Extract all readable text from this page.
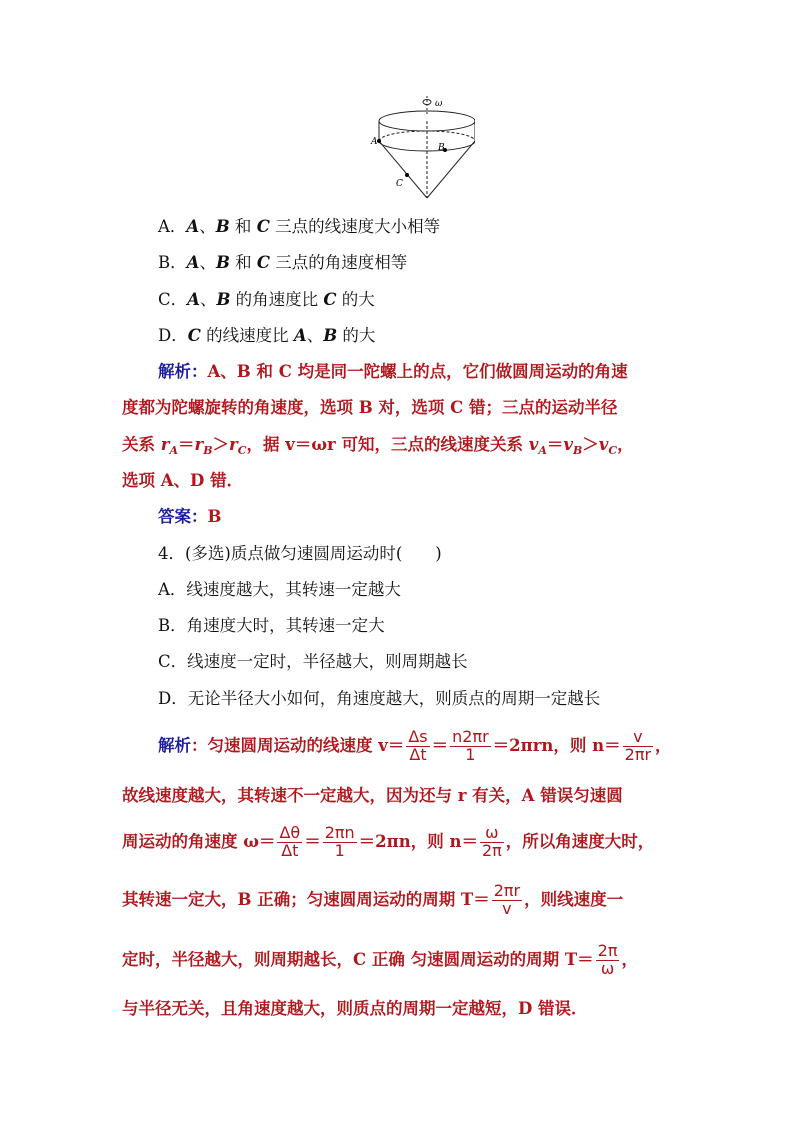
ω
A
B
C
A．A、B 和 C 三点的线速度大小相等
B．A、B 和 C 三点的角速度相等
C．A、B 的角速度比 C 的大
D．C 的线速度比 A、B 的大
解析：A、B 和 C 均是同一陀螺上的点，它们做圆周运动的角速
度都为陀螺旋转的角速度，选项 B 对，选项 C 错；三点的运动半径
关系 $r_A=r_B>r_C$，据 v＝ωr 可知，三点的线速度关系 $v_A=v_B>v_C$，
选项 A、D 错．
答案：B
4．(多选)质点做匀速圆周运动时(　　)
A．线速度越大，其转速一定越大
B．角速度大时，其转速一定大
C．线速度一定时，半径越大，则周期越长
D．无论半径大小如何，角速度越大，则质点的周期一定越长
解析：匀速圆周运动的线速度 $v= \frac{\Delta s}{\Delta t} = \frac{n2\pi r}{1} =2\pi rn$，则 $n= \frac{v}{2\pi r}$ ，
故线速度越大，其转速不一定越大，因为还与 r 有关，A 错误匀速圆
周运动的角速度 $\omega= \frac{\Delta\theta}{\Delta t} = \frac{2\pi n}{1} =2\pi n$，则 $n= \frac{\omega}{2\pi}$ ，所以角速度大时，
其转速一定大，B 正确；匀速圆周运动的周期 $T= \frac{2\pi r}{v}$ ，则线速度一
定时，半径越大，则周期越长，C 正确 匀速圆周运动的周期 $T= \frac{2\pi}{\omega}$ ，
与半径无关，且角速度越大，则质点的周期一定越短，D 错误．
